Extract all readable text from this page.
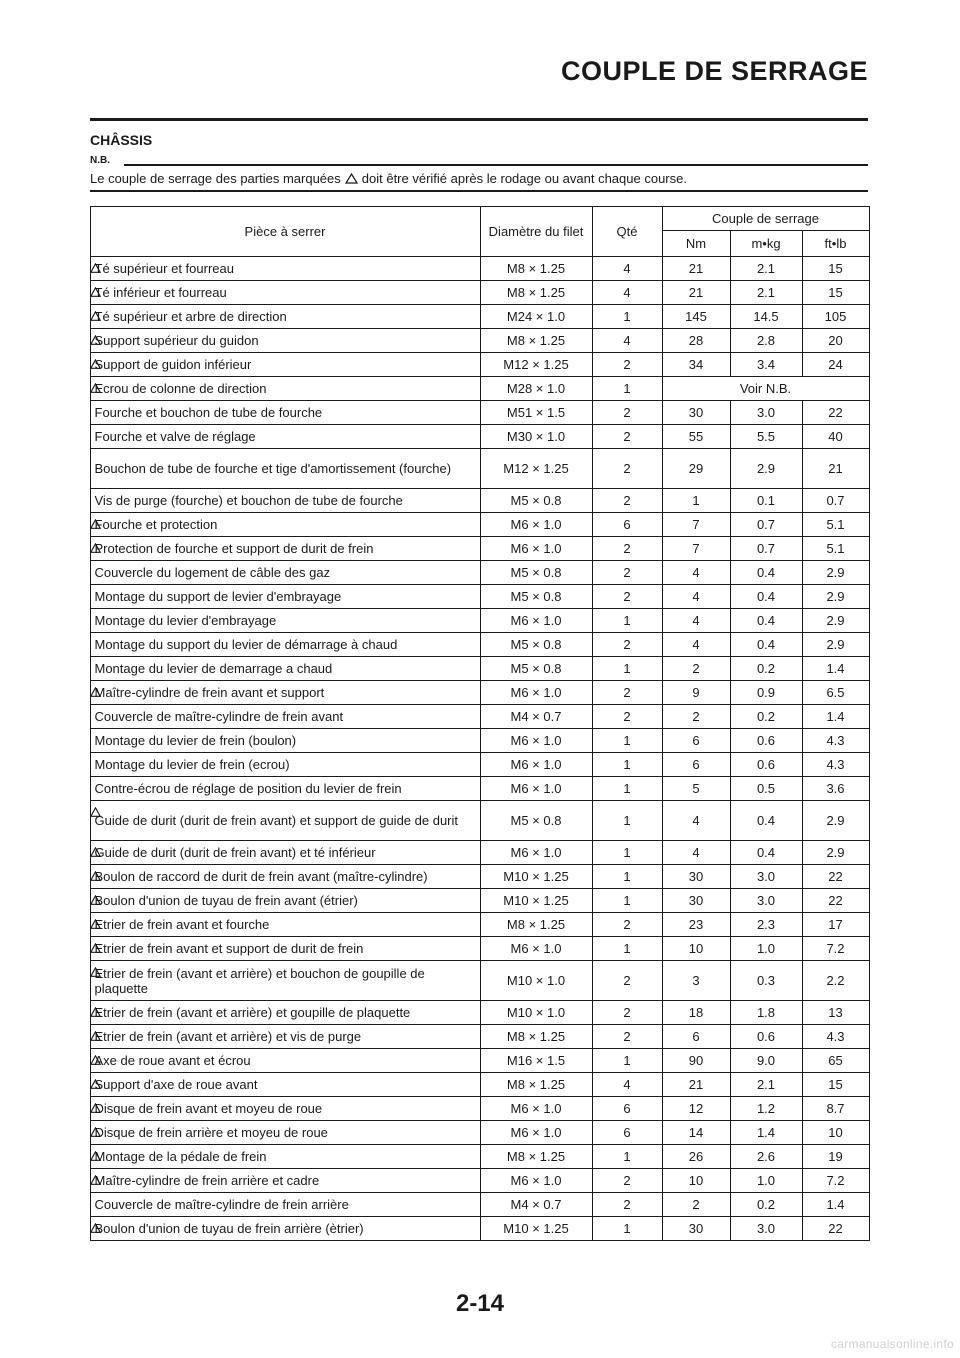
COUPLE DE SERRAGE
CHÂSSIS
N.B.
Le couple de serrage des parties marquées doit être vérifié après le rodage ou avant chaque course.
	Pièce à serrer	Diamètre du filet	Qté	Couple de serrage		
			Nm	m•kg	ft•lb
	Té supérieur et fourreau	M8 × 1.25	4	21	2.1	15
	Té inférieur et fourreau	M8 × 1.25	4	21	2.1	15
	Té supérieur et arbre de direction	M24 × 1.0	1	145	14.5	105
	Support supérieur du guidon	M8 × 1.25	4	28	2.8	20
	Support de guidon inférieur	M12 × 1.25	2	34	3.4	24
	Ecrou de colonne de direction	M28 × 1.0	1	Voir N.B.		
	Fourche et bouchon de tube de fourche	M51 × 1.5	2	30	3.0	22
	Fourche et valve de réglage	M30 × 1.0	2	55	5.5	40
	Bouchon de tube de fourche et tige d'amortissement (fourche)	M12 × 1.25	2	29	2.9	21
	Vis de purge (fourche) et bouchon de tube de fourche	M5 × 0.8	2	1	0.1	0.7
	Fourche et protection	M6 × 1.0	6	7	0.7	5.1
	Protection de fourche et support de durit de frein	M6 × 1.0	2	7	0.7	5.1
	Couvercle du logement de câble des gaz	M5 × 0.8	2	4	0.4	2.9
	Montage du support de levier d'embrayage	M5 × 0.8	2	4	0.4	2.9
	Montage du levier d'embrayage	M6 × 1.0	1	4	0.4	2.9
	Montage du support du levier de démarrage à chaud	M5 × 0.8	2	4	0.4	2.9
	Montage du levier de demarrage a chaud	M5 × 0.8	1	2	0.2	1.4
	Maître-cylindre de frein avant et support	M6 × 1.0	2	9	0.9	6.5
	Couvercle de maître-cylindre de frein avant	M4 × 0.7	2	2	0.2	1.4
	Montage du levier de frein (boulon)	M6 × 1.0	1	6	0.6	4.3
	Montage du levier de frein (ecrou)	M6 × 1.0	1	6	0.6	4.3
	Contre-écrou de réglage de position du levier de frein	M6 × 1.0	1	5	0.5	3.6
	Guide de durit (durit de frein avant) et support de guide de durit	M5 × 0.8	1	4	0.4	2.9
	Guide de durit (durit de frein avant) et té inférieur	M6 × 1.0	1	4	0.4	2.9
	Boulon de raccord de durit de frein avant (maître-cylindre)	M10 × 1.25	1	30	3.0	22
	Boulon d'union de tuyau de frein avant (étrier)	M10 × 1.25	1	30	3.0	22
	Etrier de frein avant et fourche	M8 × 1.25	2	23	2.3	17
	Etrier de frein avant et support de durit de frein	M6 × 1.0	1	10	1.0	7.2
	Etrier de frein (avant et arrière) et bouchon de goupille de plaquette	M10 × 1.0	2	3	0.3	2.2
	Etrier de frein (avant et arrière) et goupille de plaquette	M10 × 1.0	2	18	1.8	13
	Etrier de frein (avant et arrière) et vis de purge	M8 × 1.25	2	6	0.6	4.3
	Axe de roue avant et écrou	M16 × 1.5	1	90	9.0	65
	Support d'axe de roue avant	M8 × 1.25	4	21	2.1	15
	Disque de frein avant et moyeu de roue	M6 × 1.0	6	12	1.2	8.7
	Disque de frein arrière et moyeu de roue	M6 × 1.0	6	14	1.4	10
	Montage de la pédale de frein	M8 × 1.25	1	26	2.6	19
	Maître-cylindre de frein arrière et cadre	M6 × 1.0	2	10	1.0	7.2
	Couvercle de maître-cylindre de frein arrière	M4 × 0.7	2	2	0.2	1.4
	Boulon d'union de tuyau de frein arrière (ètrier)	M10 × 1.25	1	30	3.0	22
2-14
carmanualsonline.info
